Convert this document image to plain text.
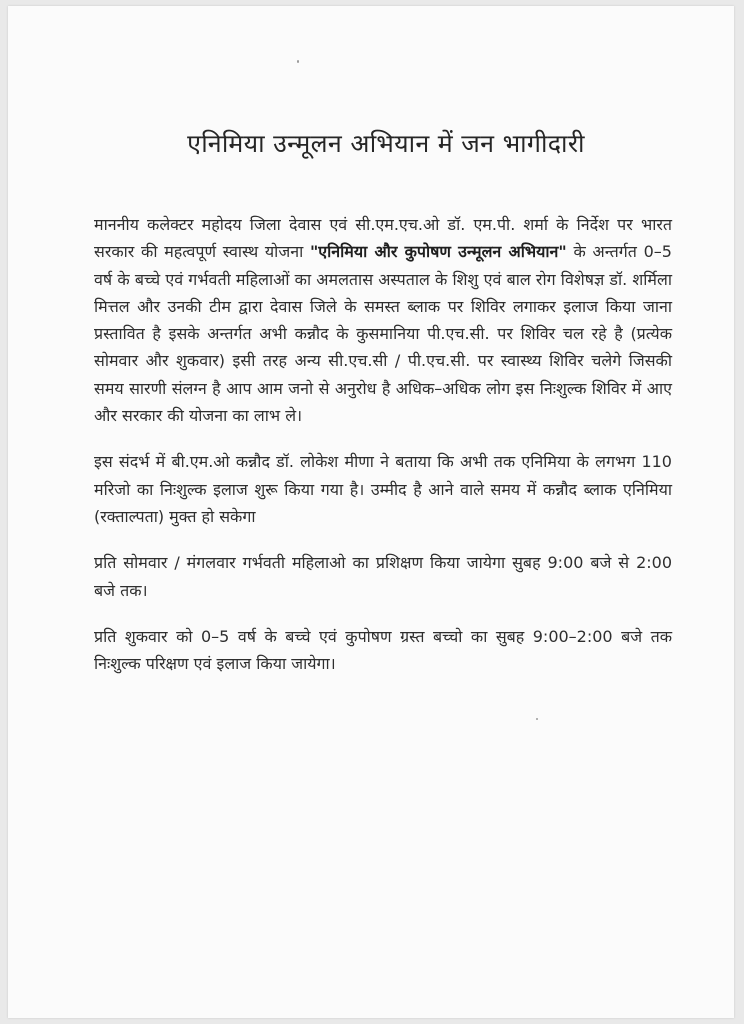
एनिमिया उन्मूलन अभियान में जन भागीदारी

माननीय कलेक्टर महोदय जिला देवास एवं सी.एम.एच.ओ डॉ. एम.पी. शर्मा के निर्देश पर भारत सरकार की महत्वपूर्ण स्वास्थ योजना "एनिमिया और कुपोषण उन्मूलन अभियान" के अन्तर्गत 0–5 वर्ष के बच्चे एवं गर्भवती महिलाओं का अमलतास अस्पताल के शिशु एवं बाल रोग विशेषज्ञ डॉ. शर्मिला मित्तल और उनकी टीम द्वारा देवास जिले के समस्त ब्लाक पर शिविर लगाकर इलाज किया जाना प्रस्तावित है इसके अन्तर्गत अभी कन्नौद के कुसमानिया पी.एच.सी. पर शिविर चल रहे है (प्रत्येक सोमवार और शुकवार) इसी तरह अन्य सी.एच.सी / पी.एच.सी. पर स्वास्थ्य शिविर चलेगे जिसकी समय सारणी संलग्न है आप आम जनो से अनुरोध है अधिक–अधिक लोग इस निःशुल्क शिविर में आए और सरकार की योजना का लाभ ले।

इस संदर्भ में बी.एम.ओ कन्नौद डॉ. लोकेश मीणा ने बताया कि अभी तक एनिमिया के लगभग 110 मरिजो का निःशुल्क इलाज शुरू किया गया है। उम्मीद है आने वाले समय में कन्नौद ब्लाक एनिमिया (रक्ताल्पता) मुक्त हो सकेगा

प्रति सोमवार / मंगलवार गर्भवती महिलाओ का प्रशिक्षण किया जायेगा सुबह 9:00 बजे से 2:00 बजे तक।

प्रति शुकवार को 0–5 वर्ष के बच्चे एवं कुपोषण ग्रस्त बच्चो का सुबह 9:00–2:00 बजे तक निःशुल्क परिक्षण एवं इलाज किया जायेगा।
